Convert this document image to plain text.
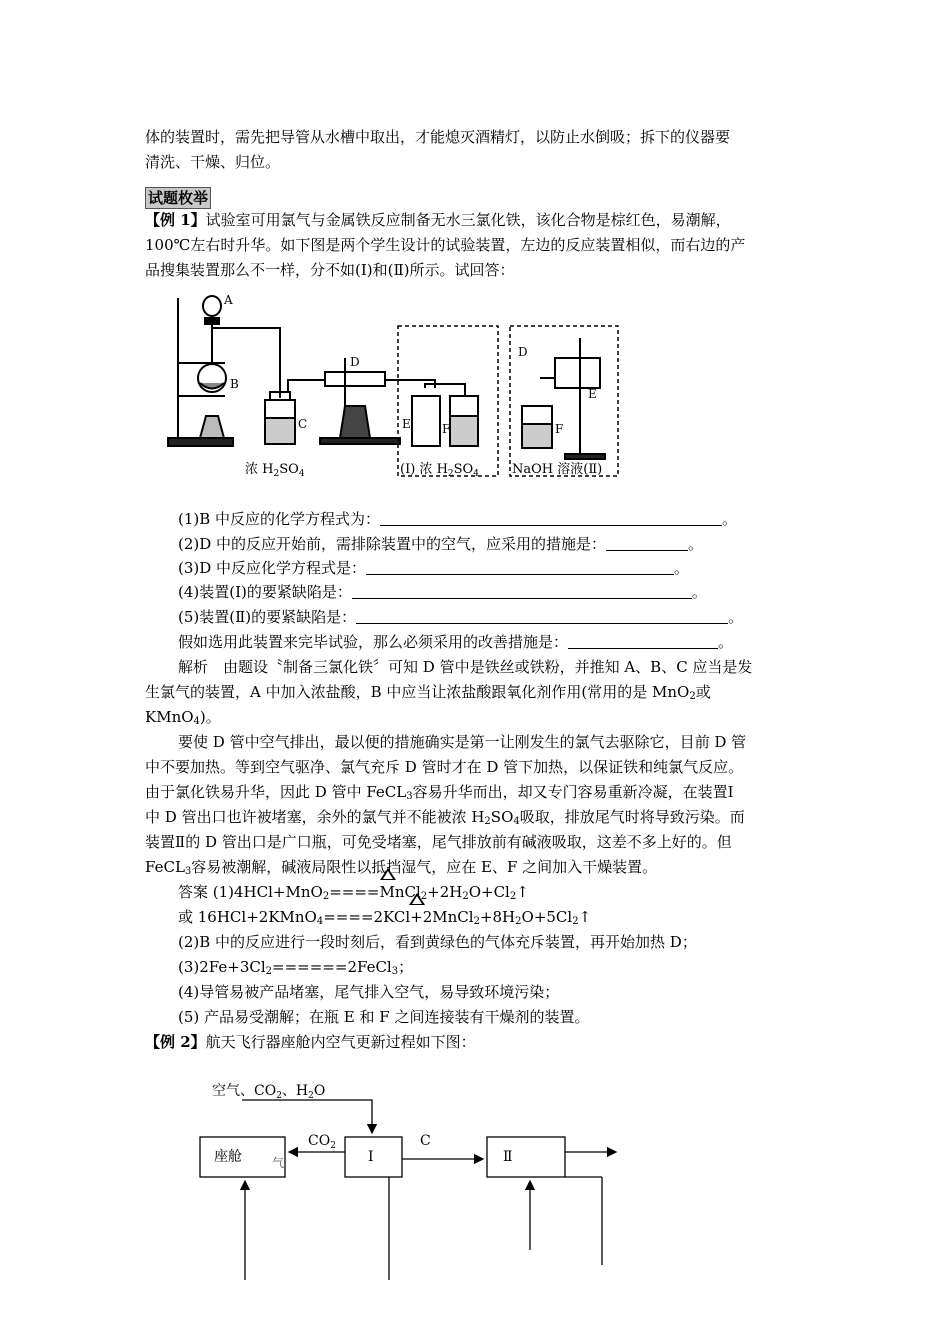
体的装置时，需先把导管从水槽中取出，才能熄灭酒精灯，以防止水倒吸；拆下的仪器要
清洗、干燥、归位。
试题枚举
【例 1】试验室可用氯气与金属铁反应制备无水三氯化铁，该化合物是棕红色，易潮解，
100℃左右时升华。如下图是两个学生设计的试验装置，左边的反应装置相似，而右边的产
品搜集装置那么不一样，分不如(Ⅰ)和(Ⅱ)所示。试回答：
A
B
C
D
E	F
D
E
F
浓 $H_2SO_4$	(Ⅰ) 浓 $H_2SO_4$	NaOH 溶液(Ⅱ)
(1)B 中反应的化学方程式为：	。
(2)D 中的反应开始前，需排除装置中的空气，应采用的措施是：	。
(3)D 中反应化学方程式是：	。
(4)装置(Ⅰ)的要紧缺陷是：	。
(5)装置(Ⅱ)的要紧缺陷是：	。
假如选用此装置来完毕试验，那么必须采用的改善措施是：	。
解析　由题设〝制备三氯化铁〞可知 D 管中是铁丝或铁粉，并推知 A、B、C 应当是发
生氯气的装置，A 中加入浓盐酸，B 中应当让浓盐酸跟氧化剂作用(常用的是 MnO$_2$或
KMnO$_4$)。
要使 D 管中空气排出，最以便的措施确实是第一让刚发生的氯气去驱除它，目前 D 管
中不要加热。等到空气驱净、氯气充斥 D 管时才在 D 管下加热，以保证铁和纯氯气反应。
由于氯化铁易升华，因此 D 管中 FeCL$_3$容易升华而出，却又专门容易重新冷凝，在装置Ⅰ
中 D 管出口也许被堵塞，余外的氯气并不能被浓 $H_2SO_4$吸取，排放尾气时将导致污染。而
装置Ⅱ的 D 管出口是广口瓶，可免受堵塞，尾气排放前有碱液吸取，这差不多上好的。但
FeCL$_3$容易被潮解，碱液局限性以抵挡湿气，应在 E、F 之间加入干燥装置。
答案 $(1)4HCl+MnO_2====MnCl_2+2H_2O+Cl_2↑$
或 $16HCl+2KMnO_4====2KCl+2MnCl_2+8H_2O+5Cl_2↑$
(2)B 中的反应进行一段时刻后，看到黄绿色的气体充斥装置，再开始加热 D；
$(3)2Fe+3Cl_2======2FeCl_3$；
(4)导管易被产品堵塞，尾气排入空气，易导致环境污染；
(5) 产品易受潮解；在瓶 E 和 F 之间连接装有干燥剂的装置。
【例 2】航天飞行器座舱内空气更新过程如下图：
空气、$CO_2$、$H_2O$
$CO_2$	C
座舱	气	I	Ⅱ
